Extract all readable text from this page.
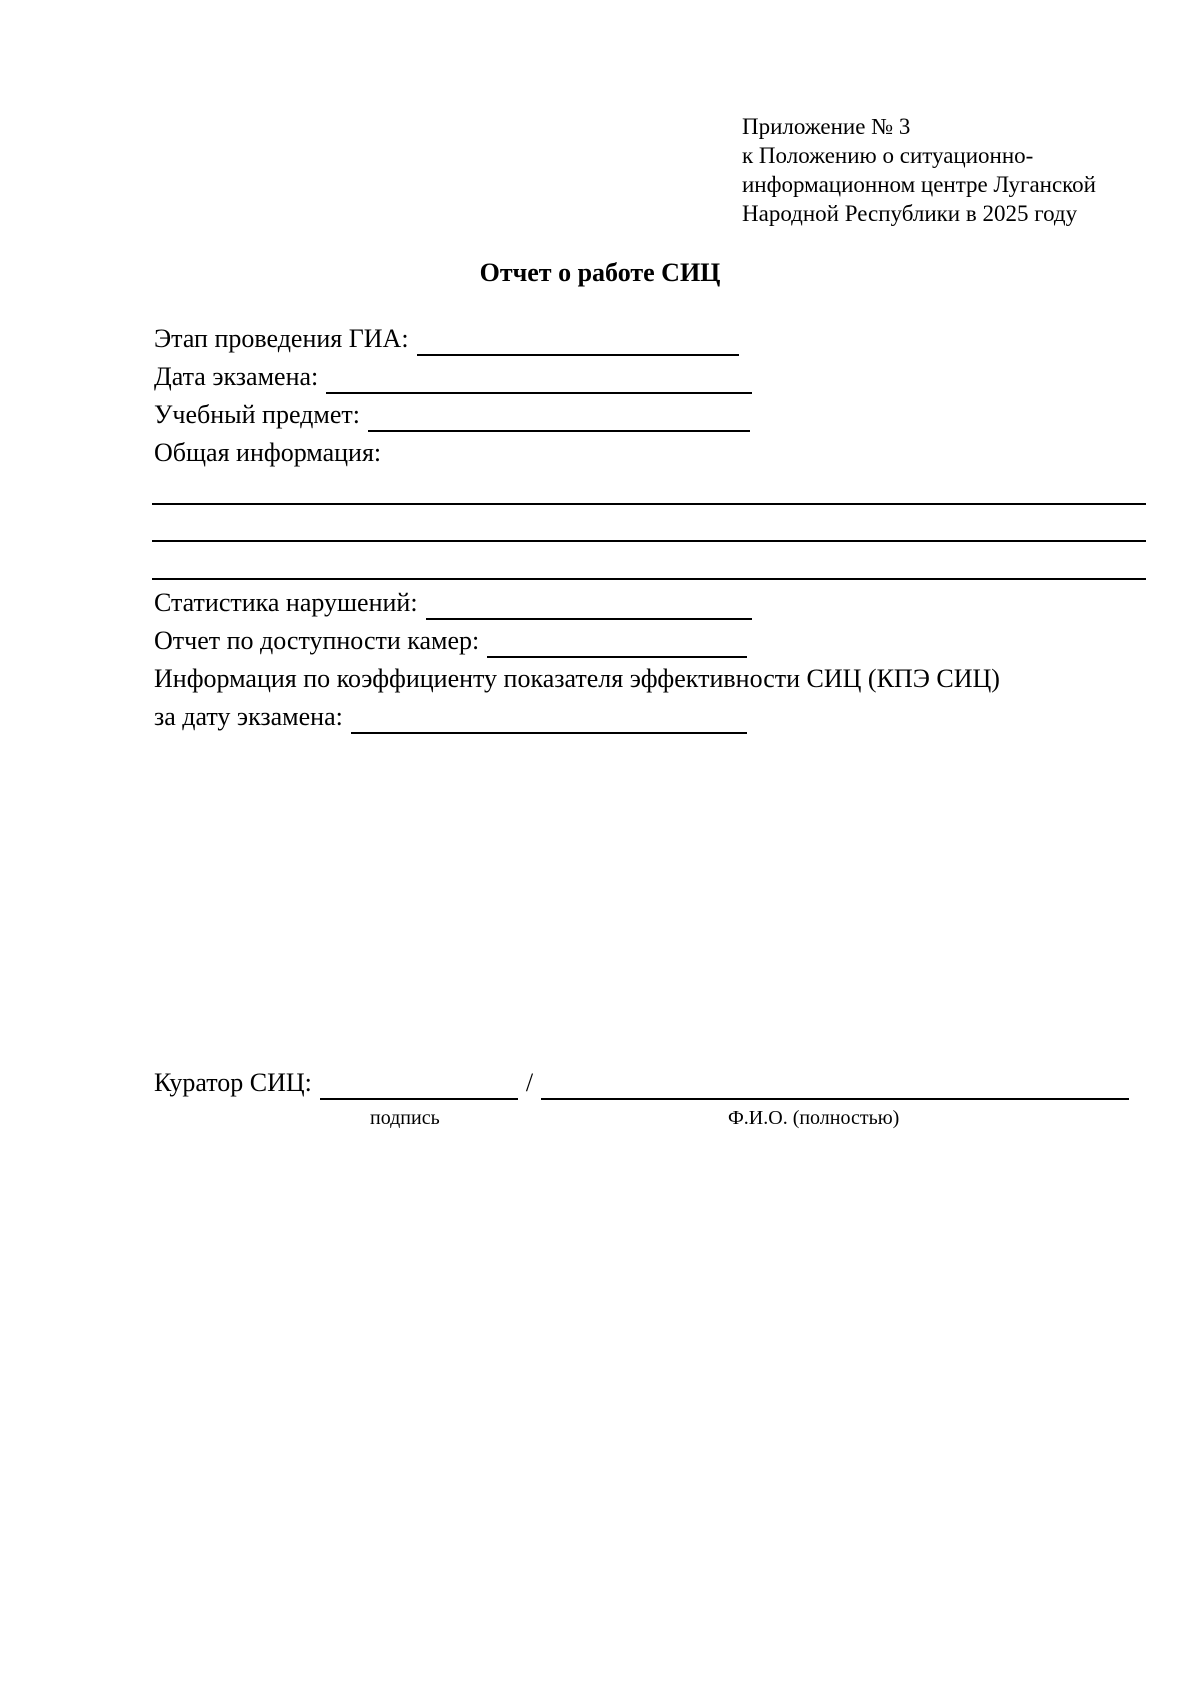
Приложение № 3
к Положению о ситуационно-
информационном центре Луганской
Народной Республики в 2025 году
Отчет о работе СИЦ
Этап проведения ГИА:
Дата экзамена:
Учебный предмет:
Общая информация:
Статистика нарушений:
Отчет по доступности камер:
Информация по коэффициенту показателя эффективности СИЦ (КПЭ СИЦ)
за дату экзамена:
Куратор СИЦ:	/
подпись	Ф.И.О. (полностью)
